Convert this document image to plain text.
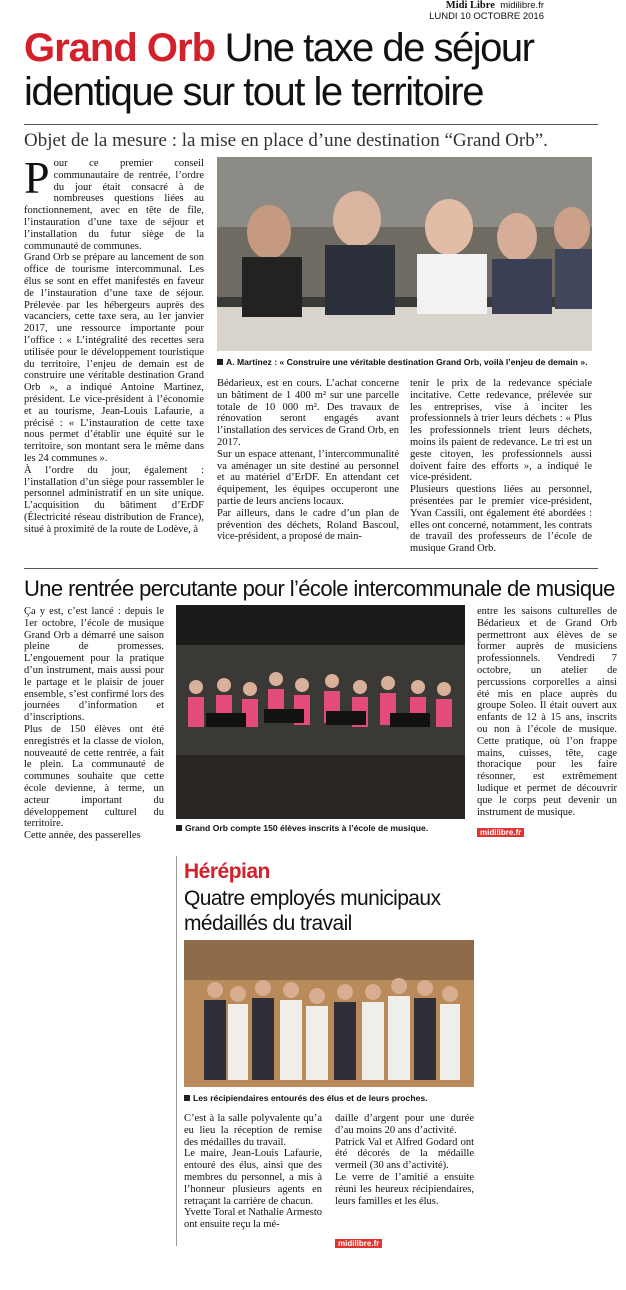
Midi Libre midilibre.fr
LUNDI 10 OCTOBRE 2016
Grand Orb Une taxe de séjour
identique sur tout le territoire
Objet de la mesure : la mise en place d’une destination “Grand Orb”.

Pour ce premier conseil communautaire de rentrée, l’ordre du jour était consacré à de nombreuses questions liées au fonctionnement, avec en tête de file, l’instauration d’une taxe de séjour et l’installation du futur siège de la communauté de communes.

Grand Orb se prépare au lancement de son office de tourisme intercommunal. Les élus se sont en effet manifestés en faveur de l’instauration d’une taxe de séjour. Prélevée par les hébergeurs auprès des vacanciers, cette taxe sera, au 1er janvier 2017, une ressource importante pour l’office : « L’intégralité des recettes sera utilisée pour le développement touristique du territoire, l’enjeu de demain est de construire une véritable destination Grand Orb », a indiqué Antoine Martinez, président. Le vice-président à l’économie et au tourisme, Jean-Louis Lafaurie, a précisé : « L’instauration de cette taxe nous permet d’établir une équité sur le territoire, son montant sera le même dans les 24 communes ».

À l’ordre du jour, également : l’installation d’un siège pour rassembler le personnel administratif en un site unique. L’acquisition du bâtiment d’ErDF (Électricité réseau distribution de France), situé à proximité de la route de Lodève, à

A. Martinez : « Construire une véritable destination Grand Orb, voilà l’enjeu de demain ».

Bédarieux, est en cours. L’achat concerne un bâtiment de 1 400 m² sur une parcelle totale de 10 000 m². Des travaux de rénovation seront engagés avant l’installation des services de Grand Orb, en 2017.

Sur un espace attenant, l’intercommunalité va aménager un site destiné au personnel et au matériel d’ErDF. En attendant cet équipement, les équipes occuperont une partie de leurs anciens locaux.

Par ailleurs, dans le cadre d’un plan de prévention des déchets, Roland Bascoul, vice-président, a proposé de main-

tenir le prix de la redevance spéciale incitative. Cette redevance, prélevée sur les entreprises, vise à inciter les professionnels à trier leurs déchets : « Plus les professionnels trient leurs déchets, moins ils paient de redevance. Le tri est un geste citoyen, les professionnels aussi doivent faire des efforts », a indiqué le vice-président.

Plusieurs questions liées au personnel, présentées par le premier vice-président, Yvan Cassili, ont également été abordées : elles ont concerné, notamment, les contrats de travail des professeurs de l’école de musique Grand Orb.

Une rentrée percutante pour l’école intercommunale de musique

Ça y est, c’est lancé : depuis le 1er octobre, l’école de musique Grand Orb a démarré une saison pleine de promesses. L’engouement pour la pratique d’un instrument, mais aussi pour le partage et le plaisir de jouer ensemble, s’est confirmé lors des journées d’information et d’inscriptions.

Plus de 150 élèves ont été enregistrés et la classe de violon, nouveauté de cette rentrée, a fait le plein. La communauté de communes souhaite que cette école devienne, à terme, un acteur important du développement culturel du territoire.

Cette année, des passerelles

Grand Orb compte 150 élèves inscrits à l’école de musique.

entre les saisons culturelles de Bédarieux et de Grand Orb permettront aux élèves de se former auprès de musiciens professionnels. Vendredi 7 octobre, un atelier de percussions corporelles a ainsi été mis en place auprès du groupe Soleo. Il était ouvert aux enfants de 12 à 15 ans, inscrits ou non à l’école de musique. Cette pratique, où l’on frappe mains, cuisses, tête, cage thoracique pour les faire résonner, est extrêmement ludique et permet de découvrir que le corps peut devenir un instrument de musique.

midilibre.fr
Hérépian
Quatre employés municipaux
médaillés du travail
Les récipiendaires entourés des élus et de leurs proches.

C’est à la salle polyvalente qu’a eu lieu la réception de remise des médailles du travail.

Le maire, Jean-Louis Lafaurie, entouré des élus, ainsi que des membres du personnel, a mis à l’honneur plusieurs agents en retraçant la carrière de chacun.

Yvette Toral et Nathalie Armesto ont ensuite reçu la mé-

daille d’argent pour une durée d’au moins 20 ans d’activité.

Patrick Val et Alfred Godard ont été décorés de la médaille vermeil (30 ans d’activité).

Le verre de l’amitié a ensuite réuni les heureux récipiendaires, leurs familles et les élus.

midilibre.fr
